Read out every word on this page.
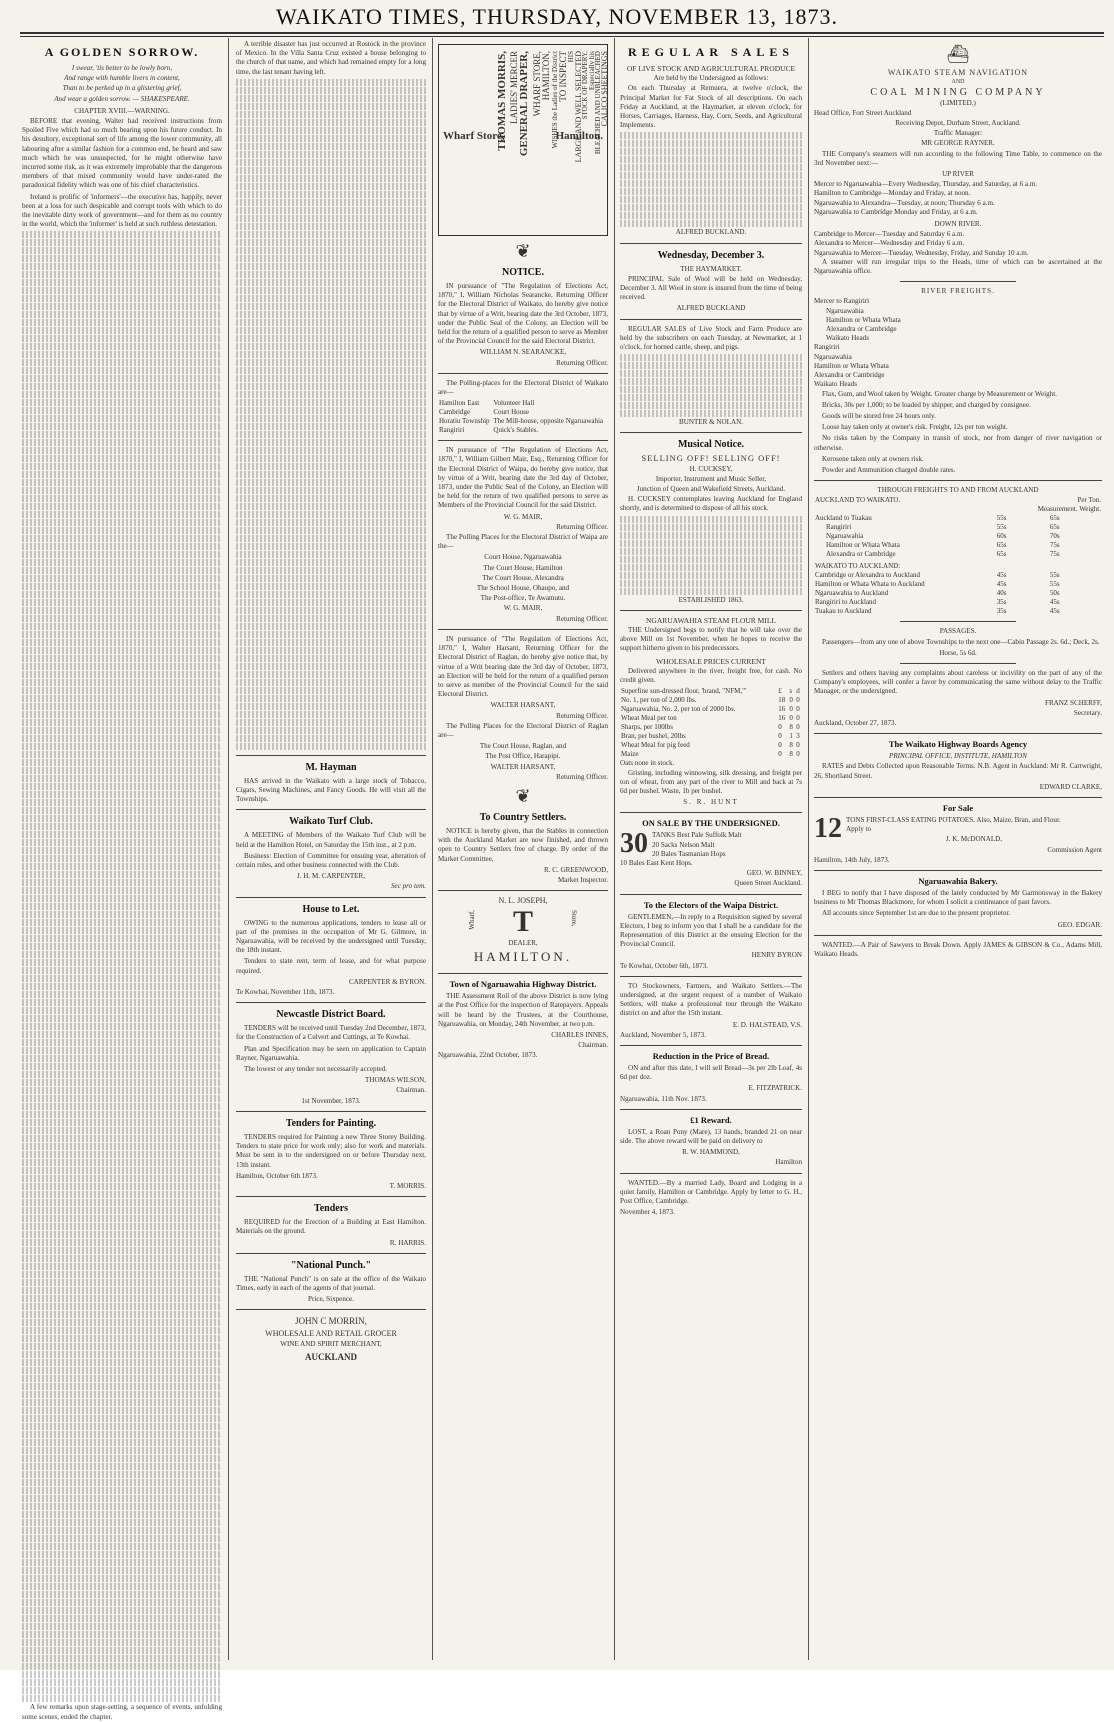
WAIKATO TIMES, THURSDAY, NOVEMBER 13, 1873.
A GOLDEN SORROW.
I swear, 'tis better to be lowly born,
And range with humble livers in content,
Than to be perked up in a glistering grief,
And wear a golden sorrow. — SHAKESPEARE.
CHAPTER XVIII.—WARNING.

BEFORE that evening, Walter had received instructions from Spoiled Five which had so much bearing upon his future conduct. In his desultory, exceptional sort of life among the lower community, all labouring after a similar fashion for a common end, he heard and saw much which he was unsuspected, for he might otherwise have incurred some risk, as it was extremely improbable that the dangerous members of that mixed community would have under-rated the paradoxical fidelity which was one of his chief characteristics.

Ireland is prolific of 'informers'—the executive has, happily, never been at a loss for such despicable and corrupt tools with which to do the inevitable dirty work of government—and for them as no country in the world, which the 'informer' is held at such ruthless detestation.

A few remarks upon stage-setting, a sequence of events, unfolding some scenes, ended the chapter.

A terrible disaster has just occurred at Rostock in the province of Mexico. In the Villa Santa Cruz existed a house belonging to the church of that name, and which had remained empty for a long time, the last tenant having left.

M. Hayman

HAS arrived in the Waikato with a large stock of Tobacco, Cigars, Sewing Machines, and Fancy Goods. He will visit all the Townships.

Waikato Turf Club.

A MEETING of Members of the Waikato Turf Club will be held at the Hamilton Hotel, on Saturday the 15th inst., at 2 p.m.

Business: Election of Committee for ensuing year, alteration of certain rules, and other business connected with the Club.

J. H. M. CARPENTER,
Sec pro tem.
House to Let.

OWING to the numerous applications, tenders to lease all or part of the premises in the occupation of Mr G. Gilmore, in Ngaruawahia, will be received by the undersigned until Tuesday, the 18th instant.

Tenders to state rent, term of lease, and for what purpose required.

CARPENTER & BYRON.
Te Kowhai, November 11th, 1873.
Newcastle District Board.

TENDERS will be received until Tuesday 2nd December, 1873, for the Construction of a Culvert and Cuttings, at Te Kowhai.

Plan and Specification may be seen on application to Captain Rayner, Ngaruawahia.

The lowest or any tender not necessarily accepted.

THOMAS WILSON,
Chairman.
1st November, 1873.
Tenders for Painting.

TENDERS required for Painting a new Three Storey Building. Tenders to state price for work only; also for work and materials. Must be sent in to the undersigned on or before Thursday next, 13th instant.

Hamilton, October 6th 1873.
T. MORRIS.
Tenders

REQUIRED for the Erection of a Building at East Hamilton. Materials on the ground.

R. HARRIS.
"National Punch."

THE "National Punch" is on sale at the office of the Waikato Times, early in each of the agents of that journal.

Price, Sixpence.
JOHN C MORRIN,
WHOLESALE AND RETAIL GROCER
WINE AND SPIRIT MERCHANT,
AUCKLAND
Wharf Store,	Hamilton.
THOMAS MORRIS, LADIES' MERCER GENERAL DRAPER, WHARF STORE, HAMILTON, WISHES the Ladies of the District TO INSPECT HIS LARGE AND WELL SELECTED
STOCK OF DRAPERY, Especially his
BLEACHED AND UNBLEACHED
CALICO SHEETINGS
❦
NOTICE.

IN pursuance of "The Regulation of Elections Act, 1870," I, William Nicholas Searancke, Returning Officer for the Electoral District of Waikato, do hereby give notice that by virtue of a Writ, bearing date the 3rd October, 1873, under the Public Seal of the Colony, an Election will be held for the return of a qualified person to serve as Member of the Provincial Council for the said Electoral District.

WILLIAM N. SEARANCKE,
Returning Officer.

The Polling-places for the Electoral District of Waikato are—

Hamilton East	Volunteer Hall
Cambridge	Court House
Horatiu Township	The Mill-house, opposite Ngaruawahia
Rangiriri	Quick's Stables.

IN pursuance of "The Regulation of Elections Act, 1870," I, William Gilbert Mair, Esq., Returning Officer for the Electoral District of Waipa, do hereby give notice, that by virtue of a Writ, bearing date the 3rd day of October, 1873, under the Public Seal of the Colony, an Election will be held for the return of two qualified persons to serve as Members of the Provincial Council for the said District.

W. G. MAIR,
Returning Officer.

The Polling Places for the Electoral District of Waipa are the—

Court House, Ngaruawahia
The Court House, Hamilton
The Court House, Alexandra
The School House, Ohaupo, and
The Post-office, Te Awamutu.
W. G. MAIR,
Returning Officer.

IN pursuance of "The Regulation of Elections Act, 1870," I, Walter Harsant, Returning Officer for the Electoral District of Raglan, do hereby give notice that, by virtue of a Writ bearing date the 3rd day of October, 1873, an Election will be held for the return of a qualified person to serve as member of the Provincial Council for the said Electoral District.

WALTER HARSANT,
Returning Officer.

The Polling Places for the Electoral District of Raglan are—

The Court House, Raglan, and
The Post Office, Harapipi.
WALTER HARSANT,
Returning Officer.
❦
To Country Settlers.

NOTICE is hereby given, that the Stables in connection with the Auckland Market are now finished, and thrown open to Country Settlers free of charge. By order of the Market Committee,

R. C. GREENWOOD,
Market Inspector.
N. L. JOSEPH,
Wharf,	Store,
T
DEALER,
HAMILTON.
Town of Ngaruawahia Highway District.

THE Assessment Roll of the above District is now lying at the Post Office for the inspection of Ratepayers. Appeals will be heard by the Trustees, at the Courthouse, Ngaruawahia, on Monday, 24th November, at two p.m.

CHARLES INNES,
Chairman.
Ngaruawahia, 22nd October, 1873.
REGULAR SALES
OF LIVE STOCK AND AGRICULTURAL PRODUCE
Are held by the Undersigned as follows:

On each Thursday at Remuera, at twelve o'clock, the Principal Market for Fat Stock of all descriptions. On each Friday at Auckland, at the Haymarket, at eleven o'clock, for Horses, Carriages, Harness, Hay, Corn, Seeds, and Agricultural Implements.

ALFRED BUCKLAND.
Wednesday, December 3.
THE HAYMARKET.

PRINCIPAL Sale of Wool will be held on Wednesday, December 3. All Wool in store is insured from the time of being received.

ALFRED BUCKLAND

REGULAR SALES of Live Stock and Farm Produce are held by the subscribers on each Tuesday, at Newmarket, at 1 o'clock, for horned cattle, sheep, and pigs.

BUNTER & NOLAN.
Musical Notice.
SELLING OFF! SELLING OFF!
H. CUCKSEY,
Importer, Instrument and Music Seller,
Junction of Queen and Wakefield Streets, Auckland.

H. CUCKSEY contemplates leaving Auckland for England shortly, and is determined to dispose of all his stock.

ESTABLISHED 1863.
NGARUAWAHIA STEAM FLOUR MILL

THE Undersigned begs to notify that he will take over the above Mill on 1st November, when he hopes to receive the support hitherto given to his predecessors.

WHOLESALE PRICES CURRENT

Delivered anywhere in the river, freight free, for cash. No credit given.

Superfine sun-dressed flour, 'brand, "NFM,"'	£	s	d
No. 1, per ton of 2,000 lbs.	18	0	0
Ngaruawahia, No. 2, per ton of 2000 lbs.	16	0	0
Wheat Meal per ton	16	0	0
Sharps, per 100lbs	0	8	0
Bran, per bushel, 20lbs	0	1	3
Wheat Meal for pig feed	0	8	0
Maize	0	8	0
Oats none in stock.

Gristing, including winnowing, silk dressing, and freight per ton of wheat, from any part of the river to Mill and back at 7s 6d per bushel. Waste, 1b per bushel.

S. R. HUNT
ON SALE BY THE UNDERSIGNED.
30 TANKS Best Pale Suffolk Malt
20 Sacks Nelson Malt
20 Bales Tasmanian Hops
10 Bales East Kent Hops.
GEO. W. BINNEY,
Queen Street Auckland.
To the Electors of the Waipa District.

GENTLEMEN,—In reply to a Requisition signed by several Electors, I beg to inform you that I shall be a candidate for the Representation of this District at the ensuing Election for the Provincial Council.

HENRY BYRON
Te Kowhai, October 6th, 1873.

TO Stockowners, Farmers, and Waikato Settlers.—The undersigned, at the urgent request of a number of Waikato Settlers, will make a professional tour through the Waikato district on and after the 15th instant.

E. D. HALSTEAD, V.S.
Auckland, November 5, 1873.
Reduction in the Price of Bread.

ON and after this date, I will sell Bread—3s per 2lb Loaf, 4s 6d per doz.

E. FITZPATRICK.
Ngaruawahia, 11th Nov. 1873.
£1 Reward.

LOST, a Roan Pony (Mare), 13 hands, branded 21 on near side. The above reward will be paid on delivery to

R. W. HAMMOND,
Hamilton

WANTED.—By a married Lady, Board and Lodging in a quiet family, Hamilton or Cambridge. Apply by letter to G. H., Post Office, Cambridge.

November 4, 1873.
⛴
WAIKATO STEAM NAVIGATION
AND
COAL MINING COMPANY
(LIMITED.)
Head Office, Fort Street Auckland
Receiving Depot, Durham Street, Auckland.
Traffic Manager:
MR GEORGE RAYNER.

THE Company's steamers will run according to the following Time Table, to commence on the 3rd November next:—

UP RIVER
Mercer to Ngaruawahia—Every Wednesday, Thursday, and Saturday, at 6 a.m.
Hamilton to Cambridge—Monday and Friday, at noon.
Ngaruawahia to Alexandra—Tuesday, at noon; Thursday 6 a.m.
Ngaruawahia to Cambridge Monday and Friday, at 6 a.m.
DOWN RIVER.
Cambridge to Mercer—Tuesday and Saturday 6 a.m.
Alexandra to Mercer—Wednesday and Friday 6 a.m.
Ngaruawahia to Mercer—Tuesday, Wednesday, Friday, and Sunday 10 a.m.

A steamer will run irregular trips to the Heads, time of which can be ascertained at the Ngaruawahia office.

RIVER FREIGHTS.
Mercer to Rangiriri
Ngaruawahia
Hamilton or Whata Whata
Alexandra or Cambridge
Waikato Heads
Rangiriri
Ngaruawahia
Hamilton or Whata Whata
Alexandra or Cambridge
Waikato Heads

Flax, Gum, and Wool taken by Weight. Greater charge by Measurement or Weight.

Bricks, 30s per 1,000; to be loaded by shipper, and charged by consignee.

Goods will be stored free 24 hours only.

Loose hay taken only at owner's risk. Freight, 12s per ton weight.

No risks taken by the Company in transit of stock, nor from danger of river navigation or otherwise.

Kerosene taken only at owners risk.

Powder and Ammunition charged double rates.

THROUGH FREIGHTS TO AND FROM AUCKLAND
AUCKLAND TO WAIKATO.	Per Ton.	
	Measurement. Weight.	
Auckland to Tuakau	55s	65s
Rangiriri	55s	65s
Ngaruawahia	60s	70s
Hamilton or Whata Whata	65s	75s
Alexandra or Cambridge	65s	75s
WAIKATO TO AUCKLAND:		
Cambridge or Alexandra to Auckland	45s	55s
Hamilton or Whata Whata to Auckland	45s	55s
Ngaruawahia to Auckland	40s	50s
Rangiriri to Auckland	35s	45s
Tuakau to Auckland	35s	45s
PASSAGES.

Passengers—from any one of above Townships to the next one—Cabin Passage 2s. 6d.; Deck, 2s.

Horse, 5s 6d.

Settlers and others having any complaints about careless or incivility on the part of any of the Company's employees, will confer a favor by communicating the same without delay to the Traffic Manager, or the undersigned.

FRANZ SCHERFF,
Secretary.
Auckland, October 27, 1873.
The Waikato Highway Boards Agency
PRINCIPAL OFFICE, INSTITUTE, HAMILTON

RATES and Debts Collected upon Reasonable Terms. N.B. Agent in Auckland: Mr R. Cartwright, 26, Shortland Street.

EDWARD CLARKE,
For Sale
12 TONS FIRST-CLASS EATING POTATOES. Also, Maize, Bran, and Flour.
Apply to
J. K. McDONALD,
Commission Agent
Hamilton, 14th July, 1873.
Ngaruawahia Bakery.

I BEG to notify that I have disposed of the lately conducted by Mr Garmonsway in the Bakery business to Mr Thomas Blackmore, for whom I solicit a continuance of past favors.

All accounts since September 1st are due to the present proprietor.

GEO. EDGAR.

WANTED.—A Pair of Sawyers to Break Down. Apply JAMES & GIBSON & Co., Adams Mill, Waikato Heads.
